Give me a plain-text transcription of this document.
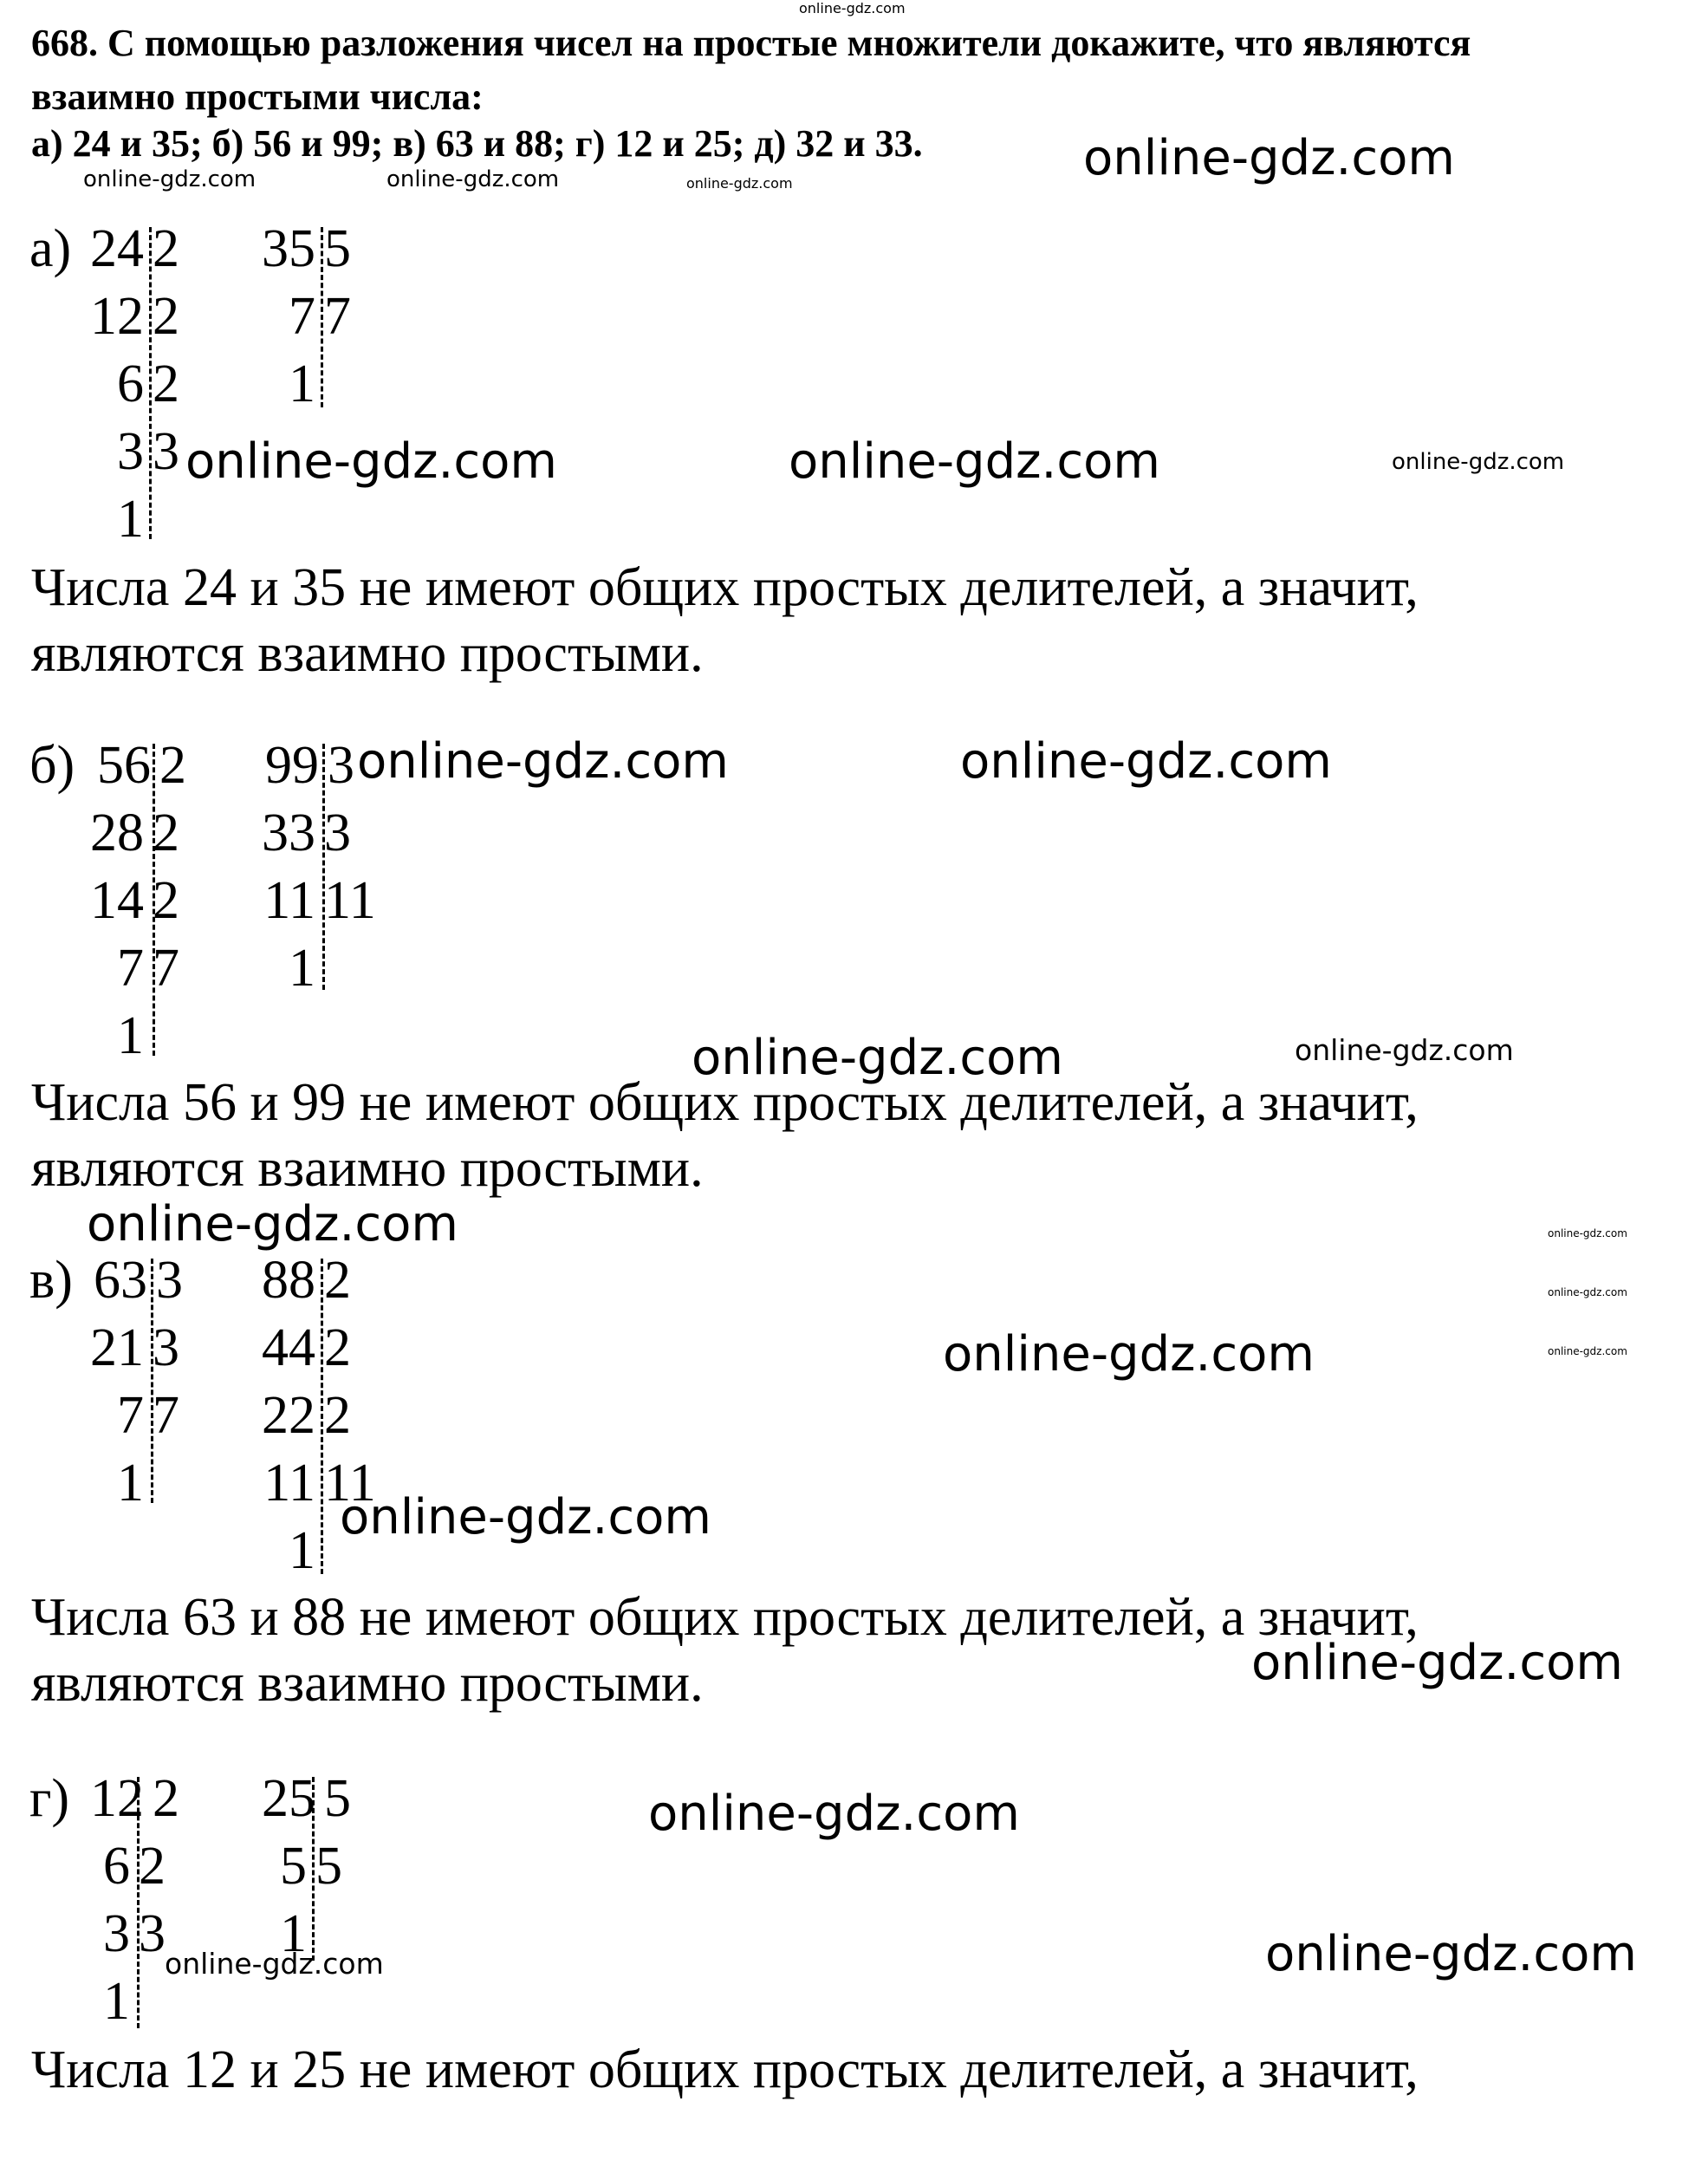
online-gdz.com
668. С помощью разложения чисел на простые множители докажите, что являются
взаимно простыми числа:
а) 24 и 35; б) 56 и 99; в) 63 и 88; г) 12 и 25; д) 32 и 33.
а) 24 2
12 2
6 2
3 3
1
35 5
7 7
1
Числа 24 и 35 не имеют общих простых делителей, а значит,
являются взаимно простыми.
б) 56 2
28 2
14 2
7 7
1
99 3
33 3
11 11
1
Числа 56 и 99 не имеют общих простых делителей, а значит,
являются взаимно простыми.
в) 63 3
21 3
7 7
1
88 2
44 2
22 2
11 11
1
Числа 63 и 88 не имеют общих простых делителей, а значит,
являются взаимно простыми.
г) 12 2
6 2
3 3
1
25 5
5 5
1
Числа 12 и 25 не имеют общих простых делителей, а значит,
online-gdz.com
online-gdz.com	online-gdz.com	online-gdz.com
online-gdz.com	online-gdz.com	online-gdz.com
online-gdz.com	online-gdz.com
online-gdz.com	online-gdz.com
online-gdz.com	online-gdz.com
online-gdz.com
online-gdz.com
online-gdz.com
online-gdz.com
online-gdz.com
online-gdz.com
online-gdz.com	online-gdz.com
